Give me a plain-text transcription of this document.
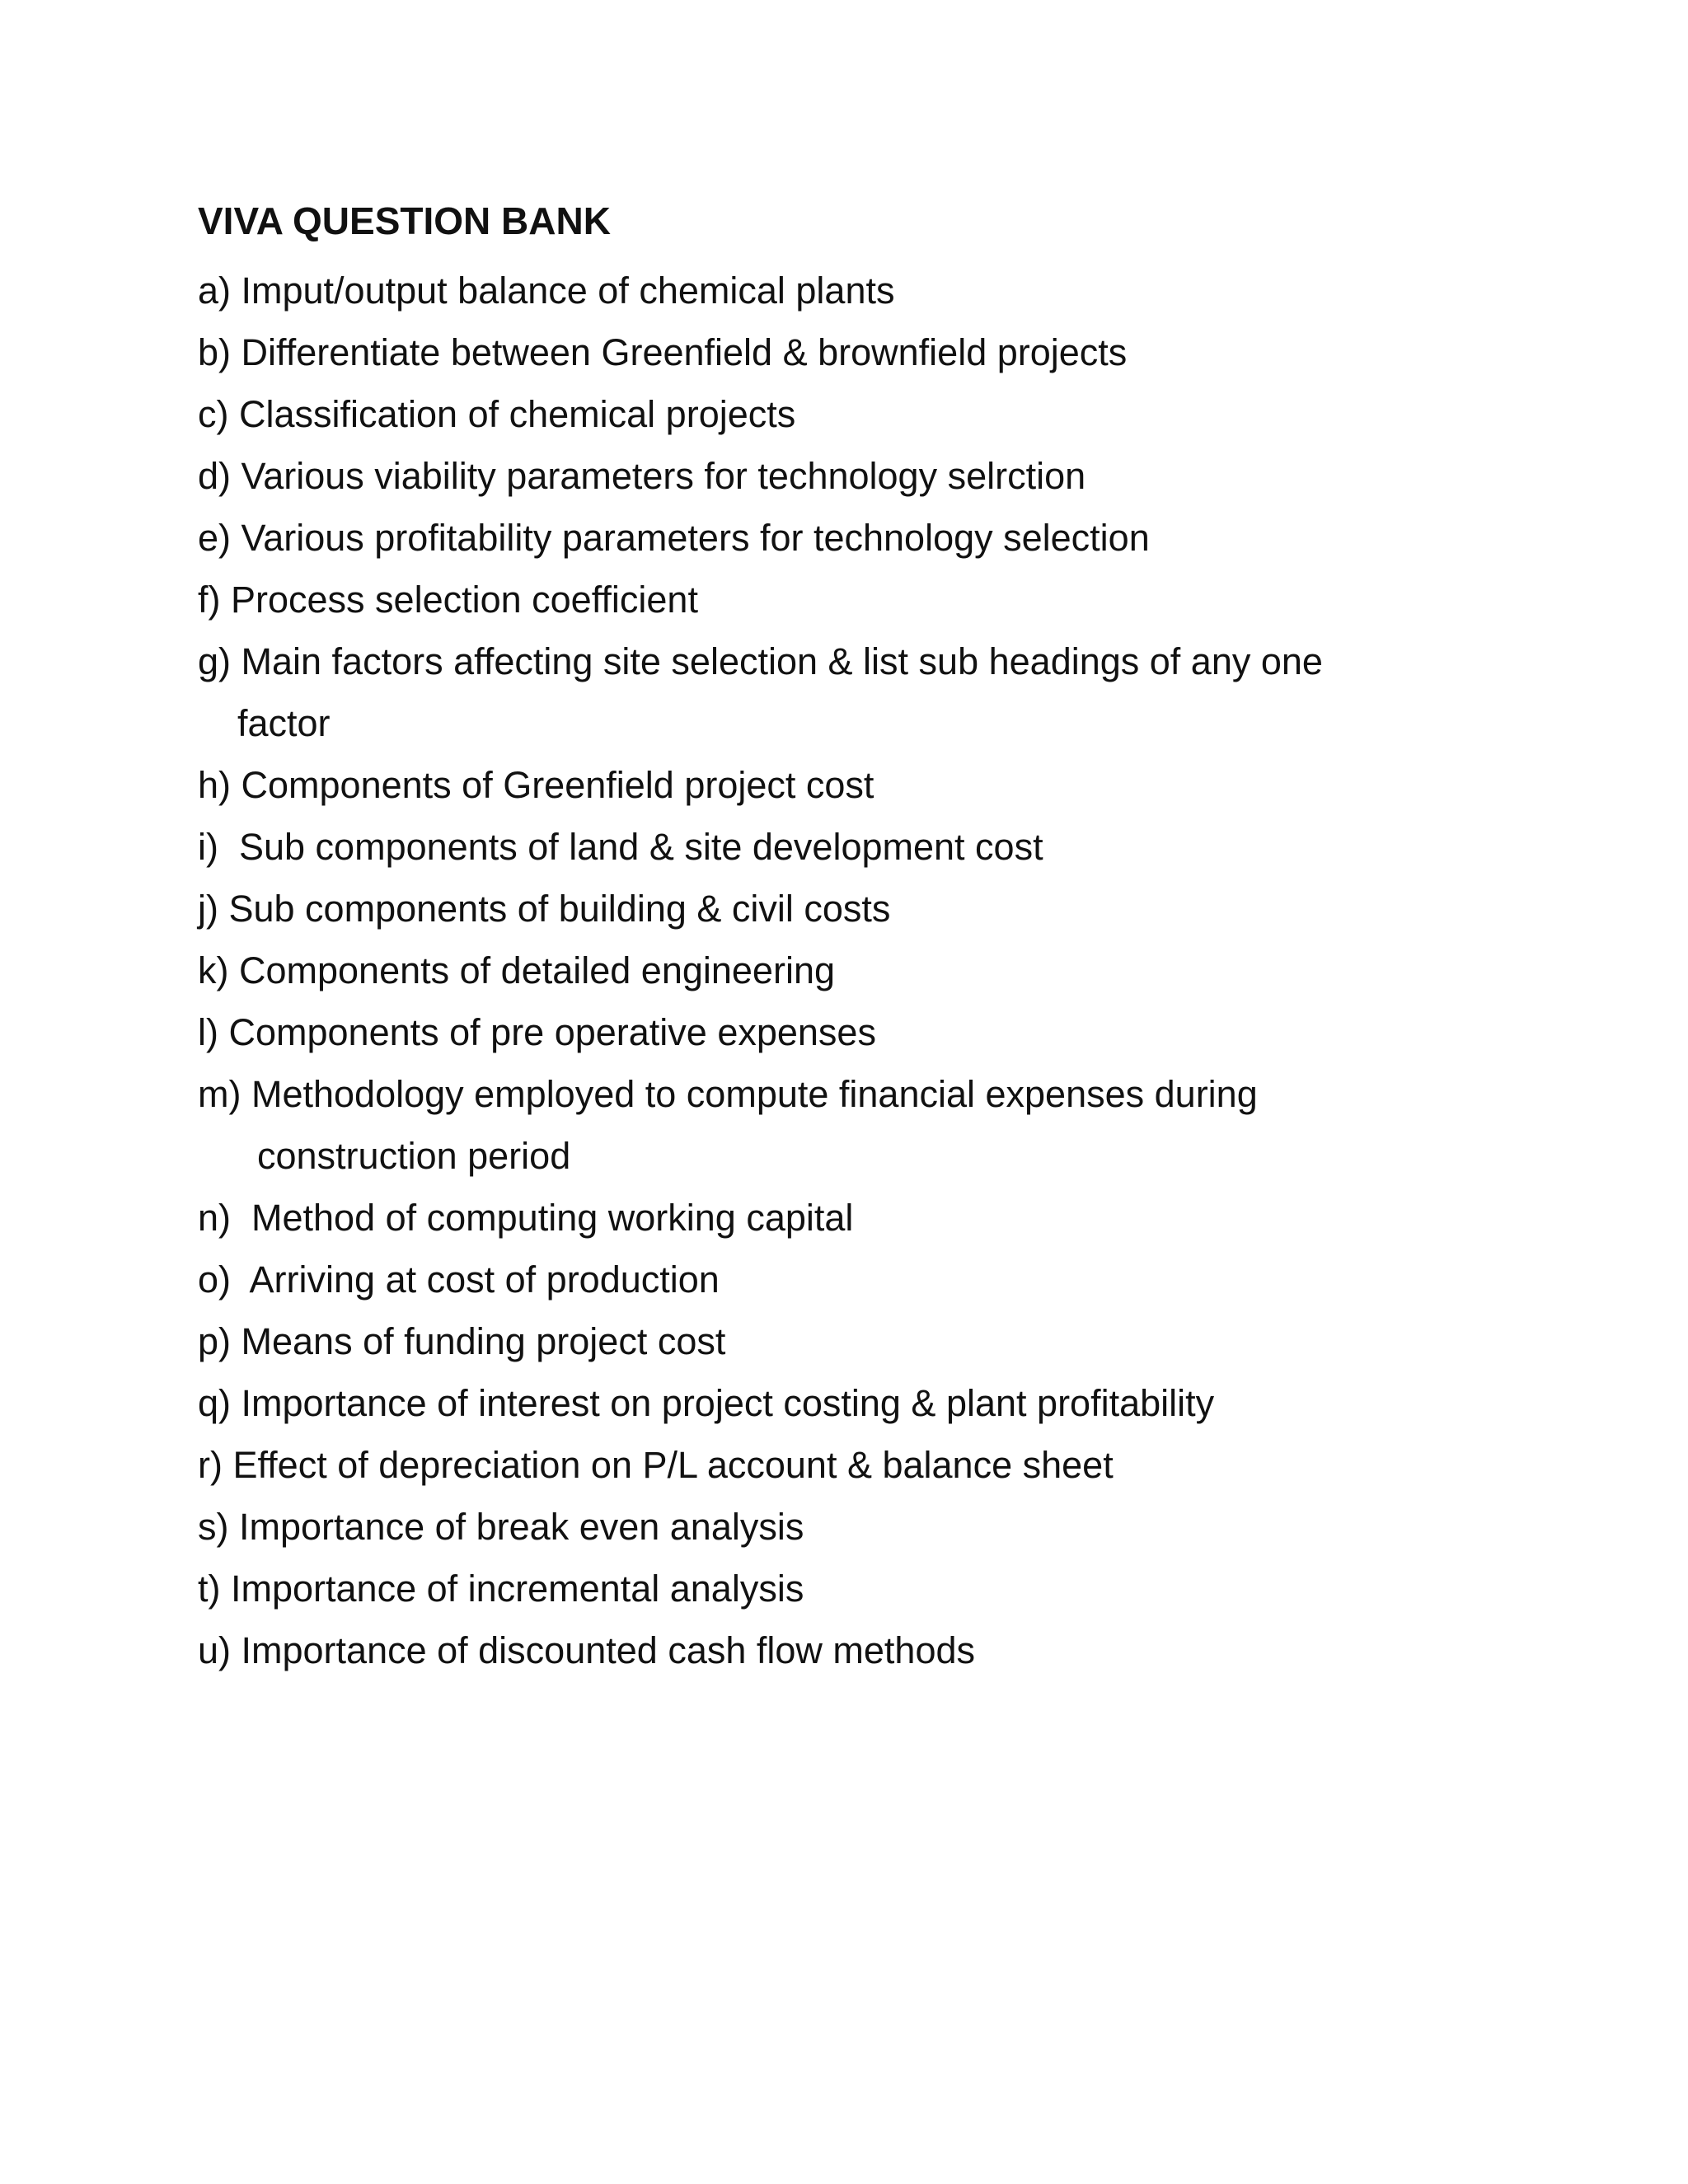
VIVA QUESTION BANK
a) Imput/output balance of chemical plants
b) Differentiate between Greenfield & brownfield projects
c) Classification of chemical projects
d) Various viability parameters for technology selrction
e) Various profitability parameters for technology selection
f) Process selection coefficient
g) Main factors affecting site selection & list sub headings of any one
factor
h) Components of Greenfield project cost
i)  Sub components of land & site development cost
j) Sub components of building & civil costs
k) Components of detailed engineering
l) Components of pre operative expenses
m) Methodology employed to compute financial expenses during
construction period
n)  Method of computing working capital
o)  Arriving at cost of production
p) Means of funding project cost
q) Importance of interest on project costing & plant profitability
r) Effect of depreciation on P/L account & balance sheet
s) Importance of break even analysis
t) Importance of incremental analysis
u) Importance of discounted cash flow methods
